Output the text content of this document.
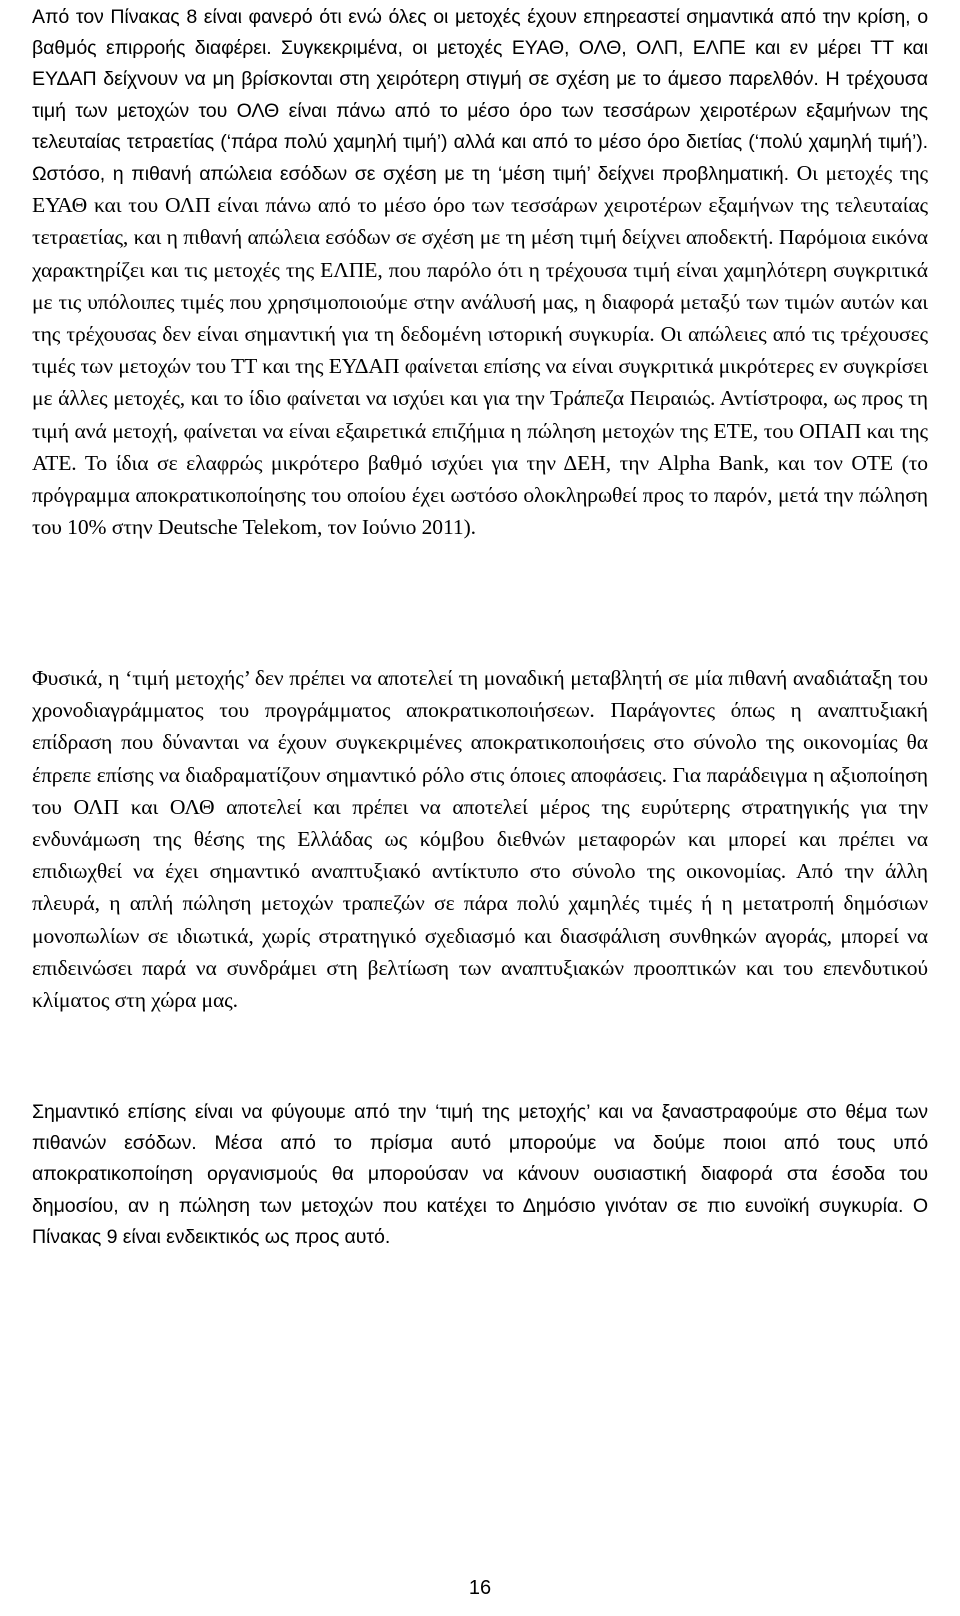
Από τον Πίνακας 8 είναι φανερό ότι ενώ όλες οι μετοχές έχουν επηρεαστεί σημαντικά από την κρίση, ο βαθμός επιρροής διαφέρει. Συγκεκριμένα, οι μετοχές ΕΥΑΘ, ΟΛΘ, ΟΛΠ, ΕΛΠΕ και εν μέρει ΤΤ και ΕΥΔΑΠ δείχνουν να μη βρίσκονται στη χειρότερη στιγμή σε σχέση με το άμεσο παρελθόν. Η τρέχουσα τιμή των μετοχών του ΟΛΘ είναι πάνω από το μέσο όρο των τεσσάρων χειροτέρων εξαμήνων της τελευταίας τετραετίας (‘πάρα πολύ χαμηλή τιμή’) αλλά και από το μέσο όρο διετίας (‘πολύ χαμηλή τιμή’). Ωστόσο, η πιθανή απώλεια εσόδων σε σχέση με τη ‘μέση τιμή’ δείχνει προβληματική. Οι μετοχές της ΕΥΑΘ και του ΟΛΠ είναι πάνω από το μέσο όρο των τεσσάρων χειροτέρων εξαμήνων της τελευταίας τετραετίας, και η πιθανή απώλεια εσόδων σε σχέση με τη μέση τιμή δείχνει αποδεκτή. Παρόμοια εικόνα χαρακτηρίζει και τις μετοχές της ΕΛΠΕ, που παρόλο ότι η τρέχουσα τιμή είναι χαμηλότερη συγκριτικά με τις υπόλοιπες τιμές που χρησιμοποιούμε στην ανάλυσή μας, η διαφορά μεταξύ των τιμών αυτών και της τρέχουσας δεν είναι σημαντική για τη δεδομένη ιστορική συγκυρία. Οι απώλειες από τις τρέχουσες τιμές των μετοχών του ΤΤ και της ΕΥΔΑΠ φαίνεται επίσης να είναι συγκριτικά μικρότερες εν συγκρίσει με άλλες μετοχές, και το ίδιο φαίνεται να ισχύει και για την Τράπεζα Πειραιώς. Αντίστροφα, ως προς τη τιμή ανά μετοχή, φαίνεται να είναι εξαιρετικά επιζήμια η πώληση μετοχών της ΕΤΕ, του ΟΠΑΠ και της ΑΤΕ. Το ίδια σε ελαφρώς μικρότερο βαθμό ισχύει για την ΔΕΗ, την Alpha Bank, και τον ΟΤΕ (το πρόγραμμα αποκρατικοποίησης του οποίου έχει ωστόσο ολοκληρωθεί προς το παρόν, μετά την πώληση του 10% στην Deutsche Telekom, τον Ιούνιο 2011).

Φυσικά, η ‘τιμή μετοχής’ δεν πρέπει να αποτελεί τη μοναδική μεταβλητή σε μία πιθανή αναδιάταξη του χρονοδιαγράμματος του προγράμματος αποκρατικοποιήσεων. Παράγοντες όπως η αναπτυξιακή επίδραση που δύνανται να έχουν συγκεκριμένες αποκρατικοποιήσεις στο σύνολο της οικονομίας θα έπρεπε επίσης να διαδραματίζουν σημαντικό ρόλο στις όποιες αποφάσεις. Για παράδειγμα η αξιοποίηση του ΟΛΠ και ΟΛΘ αποτελεί και πρέπει να αποτελεί μέρος της ευρύτερης στρατηγικής για την ενδυνάμωση της θέσης της Ελλάδας ως κόμβου διεθνών μεταφορών και μπορεί και πρέπει να επιδιωχθεί να έχει σημαντικό αναπτυξιακό αντίκτυπο στο σύνολο της οικονομίας. Από την άλλη πλευρά, η απλή πώληση μετοχών τραπεζών σε πάρα πολύ χαμηλές τιμές ή η μετατροπή δημόσιων μονοπωλίων σε ιδιωτικά, χωρίς στρατηγικό σχεδιασμό και διασφάλιση συνθηκών αγοράς, μπορεί να επιδεινώσει παρά να συνδράμει στη βελτίωση των αναπτυξιακών προοπτικών και του επενδυτικού κλίματος στη χώρα μας.

Σημαντικό επίσης είναι να φύγουμε από την ‘τιμή της μετοχής’ και να ξαναστραφούμε στο θέμα των πιθανών εσόδων. Μέσα από το πρίσμα αυτό μπορούμε να δούμε ποιοι από τους υπό αποκρατικοποίηση οργανισμούς θα μπορούσαν να κάνουν ουσιαστική διαφορά στα έσοδα του δημοσίου, αν η πώληση των μετοχών που κατέχει το Δημόσιο γινόταν σε πιο ευνοϊκή συγκυρία. Ο Πίνακας 9 είναι ενδεικτικός ως προς αυτό.

16
